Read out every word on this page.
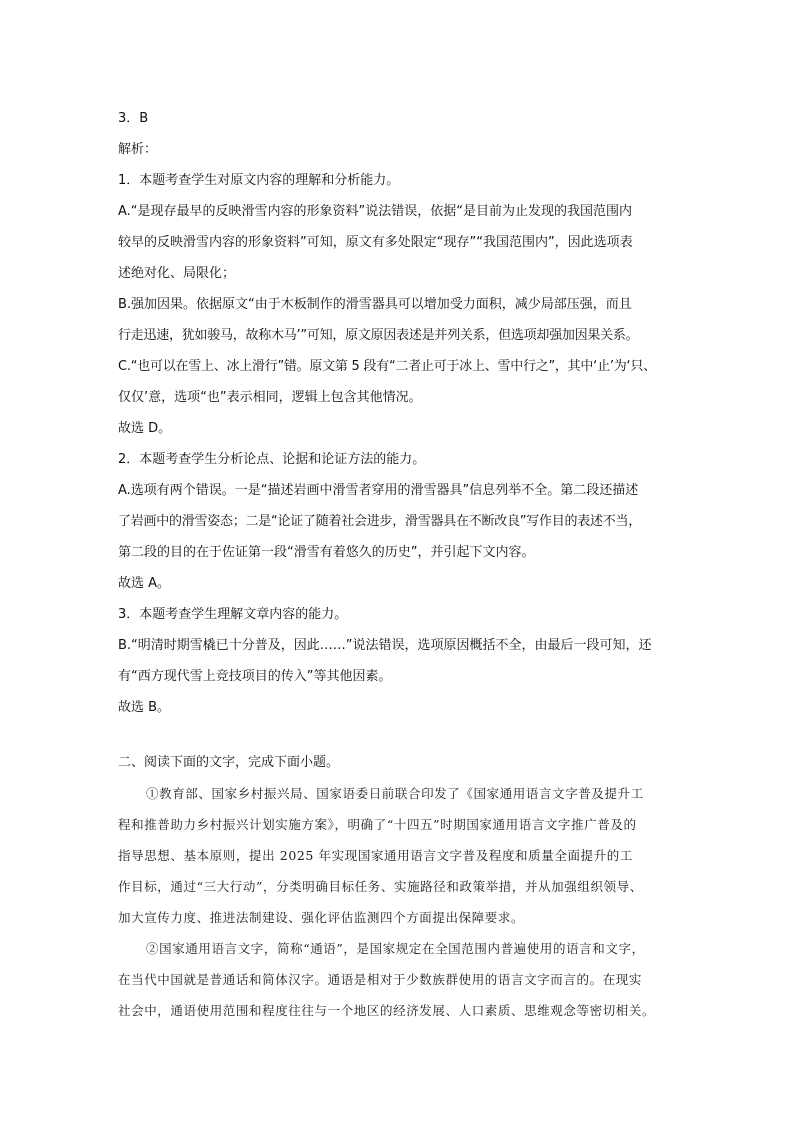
3．B
解析：
1．本题考查学生对原文内容的理解和分析能力。
A.“是现存最早的反映滑雪内容的形象资料”说法错误，依据“是目前为止发现的我国范围内
较早的反映滑雪内容的形象资料”可知，原文有多处限定“现存”“我国范围内”，因此选项表
述绝对化、局限化；
B.强加因果。依据原文“由于木板制作的滑雪器具可以增加受力面积，减少局部压强，而且
行走迅速，犹如骏马，故称木马’”可知，原文原因表述是并列关系，但选项却强加因果关系。
C.“也可以在雪上、冰上滑行”错。原文第 5 段有“二者止可于冰上、雪中行之”，其中‘止’为‘只、
仅仅’意，选项“也”表示相同，逻辑上包含其他情况。
故选 D。
2．本题考查学生分析论点、论据和论证方法的能力。
A.选项有两个错误。一是“描述岩画中滑雪者穿用的滑雪器具”信息列举不全。第二段还描述
了岩画中的滑雪姿态；二是“论证了随着社会进步，滑雪器具在不断改良”写作目的表述不当，
第二段的目的在于佐证第一段“滑雪有着悠久的历史”，并引起下文内容。
故选 A。
3．本题考查学生理解文章内容的能力。
B.“明清时期雪橇已十分普及，因此……”说法错误，选项原因概括不全，由最后一段可知，还
有“西方现代雪上竞技项目的传入”等其他因素。
故选 B。
二、阅读下面的文字，完成下面小题。
①教育部、国家乡村振兴局、国家语委日前联合印发了《国家通用语言文字普及提升工
程和推普助力乡村振兴计划实施方案》，明确了“十四五”时期国家通用语言文字推广普及的
指导思想、基本原则，提出 2025 年实现国家通用语言文字普及程度和质量全面提升的工
作目标，通过“三大行动”，分类明确目标任务、实施路径和政策举措，并从加强组织领导、
加大宣传力度、推进法制建设、强化评估监测四个方面提出保障要求。
②国家通用语言文字，简称“通语”，是国家规定在全国范围内普遍使用的语言和文字，
在当代中国就是普通话和简体汉字。通语是相对于少数族群使用的语言文字而言的。在现实
社会中，通语使用范围和程度往往与一个地区的经济发展、人口素质、思维观念等密切相关。
